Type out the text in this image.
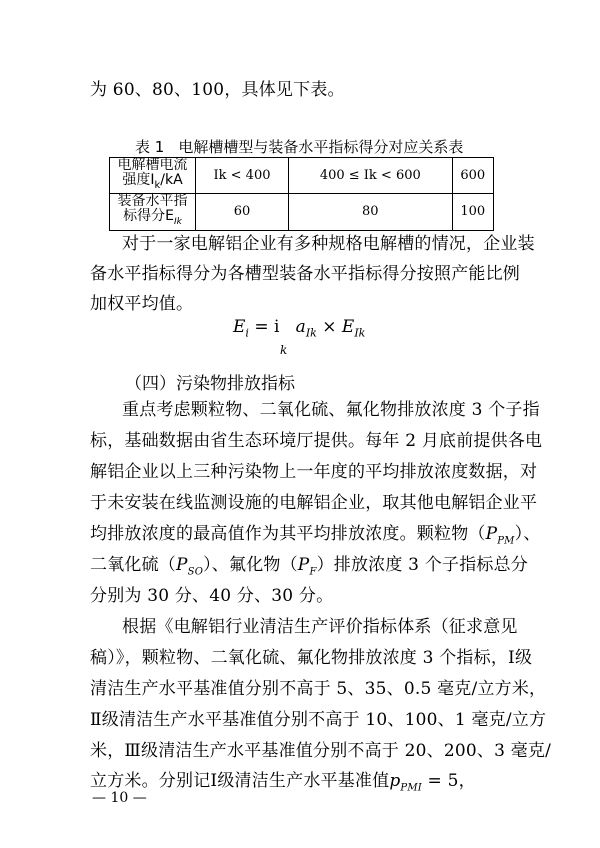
为 60、80、100，具体见下表。
表 1 电解槽槽型与装备水平指标得分对应关系表
电解槽电流
强度$I_k/kA$	Ik < 400	400 ≤ Ik < 600	600
装备水平指
标得分$E_{Ik}$	60	80	100
对于一家电解铝企业有多种规格电解槽的情况，企业装
备水平指标得分为各槽型装备水平指标得分按照产能比例
加权平均值。
$E_i = i$   $a_{Ik} \times E_{Ik}$
k
（四）污染物排放指标
重点考虑颗粒物、二氧化硫、氟化物排放浓度 3 个子指
标，基础数据由省生态环境厅提供。每年 2 月底前提供各电
解铝企业以上三种污染物上一年度的平均排放浓度数据，对
于未安装在线监测设施的电解铝企业，取其他电解铝企业平
均排放浓度的最高值作为其平均排放浓度。颗粒物$(P_{PM})$、
二氧化硫$(P_{SO})$、氟化物$(P_F)$排放浓度 3 个子指标总分
分别为 30 分、40 分、30 分。
根据《电解铝行业清洁生产评价指标体系（征求意见
稿）》，颗粒物、二氧化硫、氟化物排放浓度 3 个指标，Ⅰ级
清洁生产水平基准值分别不高于 5、35、0.5 毫克/立方米，
Ⅱ级清洁生产水平基准值分别不高于 10、100、1 毫克/立方
米，Ⅲ级清洁生产水平基准值分别不高于 20、200、3 毫克/
立方米。分别记Ⅰ级清洁生产水平基准值$p_{PMⅠ} = 5$，
— 10 —
